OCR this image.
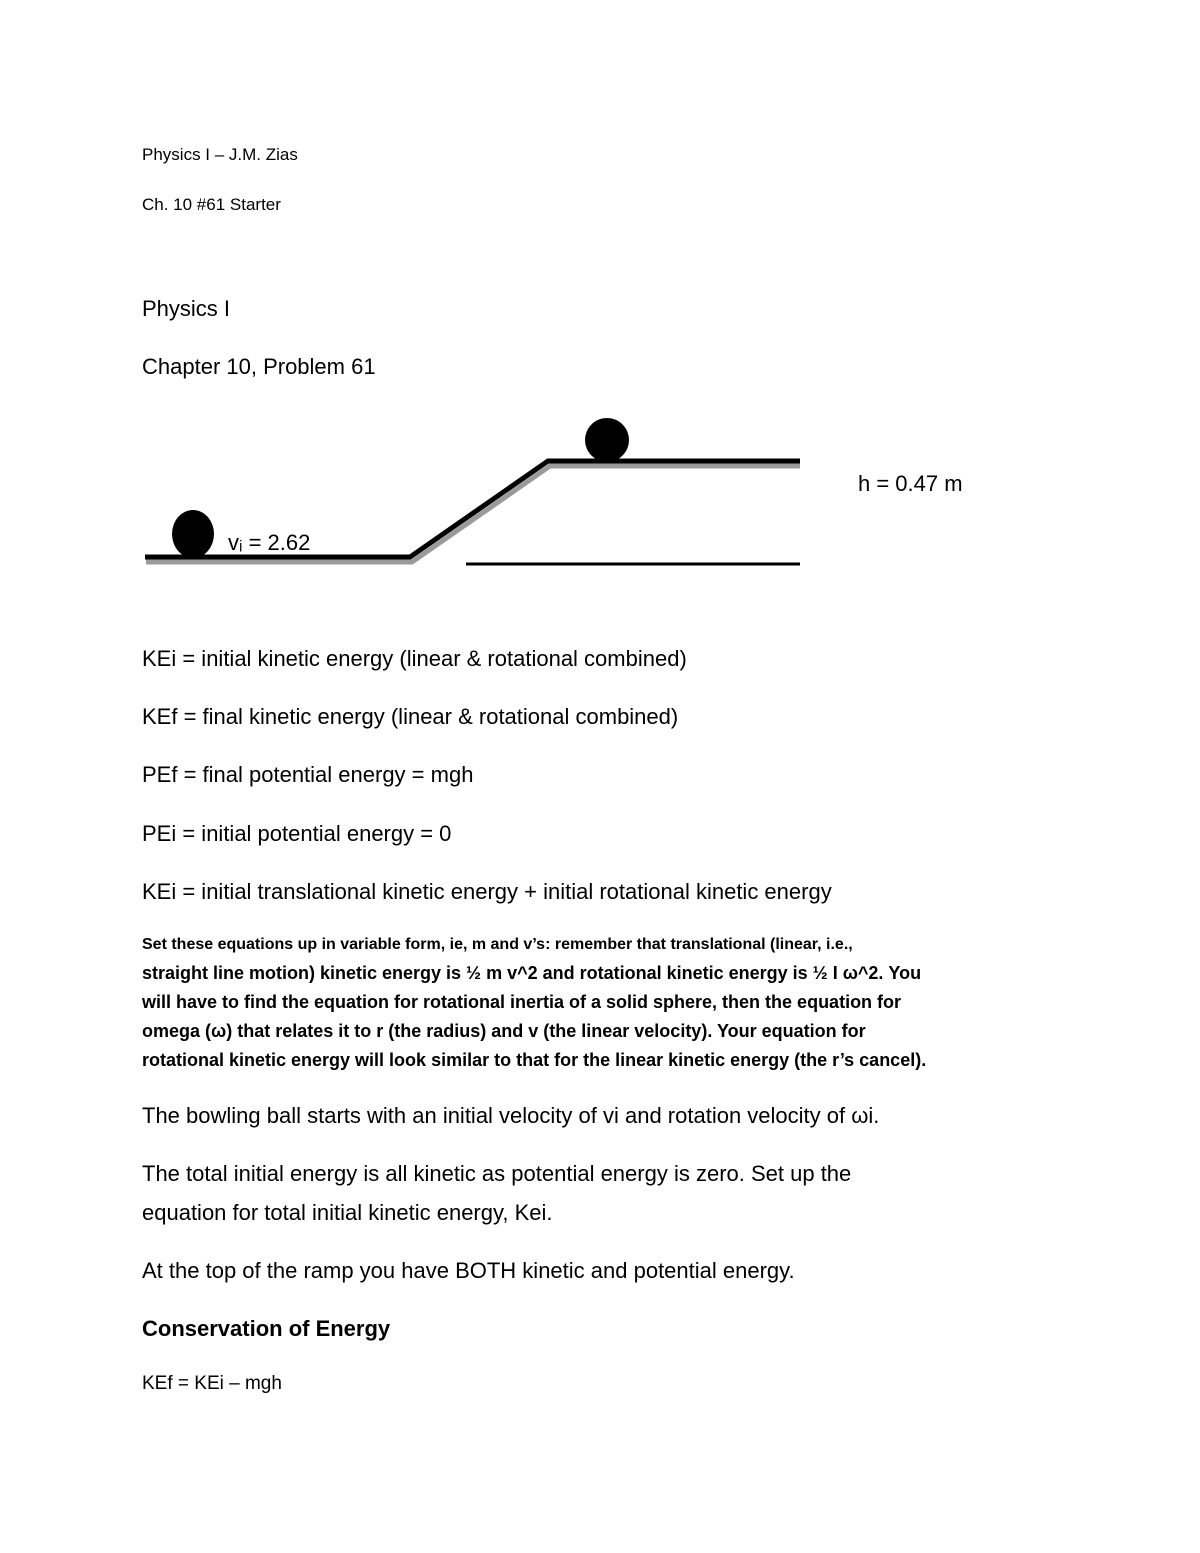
Physics I – J.M. Zias
Ch. 10 #61 Starter
Physics I
Chapter 10, Problem 61
vᵢ = 2.62
h = 0.47 m
KEi = initial kinetic energy (linear & rotational combined)
KEf = final kinetic energy (linear & rotational combined)
PEf = final potential energy = mgh
PEi = initial potential energy = 0
KEi = initial translational kinetic energy + initial rotational kinetic energy
Set these equations up in variable form, ie, m and v’s: remember that translational (linear, i.e.,
straight line motion) kinetic energy is ½ m v^2 and rotational kinetic energy is ½ I ω^2. You
will have to find the equation for rotational inertia of a solid sphere, then the equation for
omega (ω) that relates it to r (the radius) and v (the linear velocity). Your equation for
rotational kinetic energy will look similar to that for the linear kinetic energy (the r’s cancel).
The bowling ball starts with an initial velocity of vi and rotation velocity of ωi.
The total initial energy is all kinetic as potential energy is zero. Set up the
equation for total initial kinetic energy, Kei.
At the top of the ramp you have BOTH kinetic and potential energy.
Conservation of Energy
KEf = KEi – mgh
